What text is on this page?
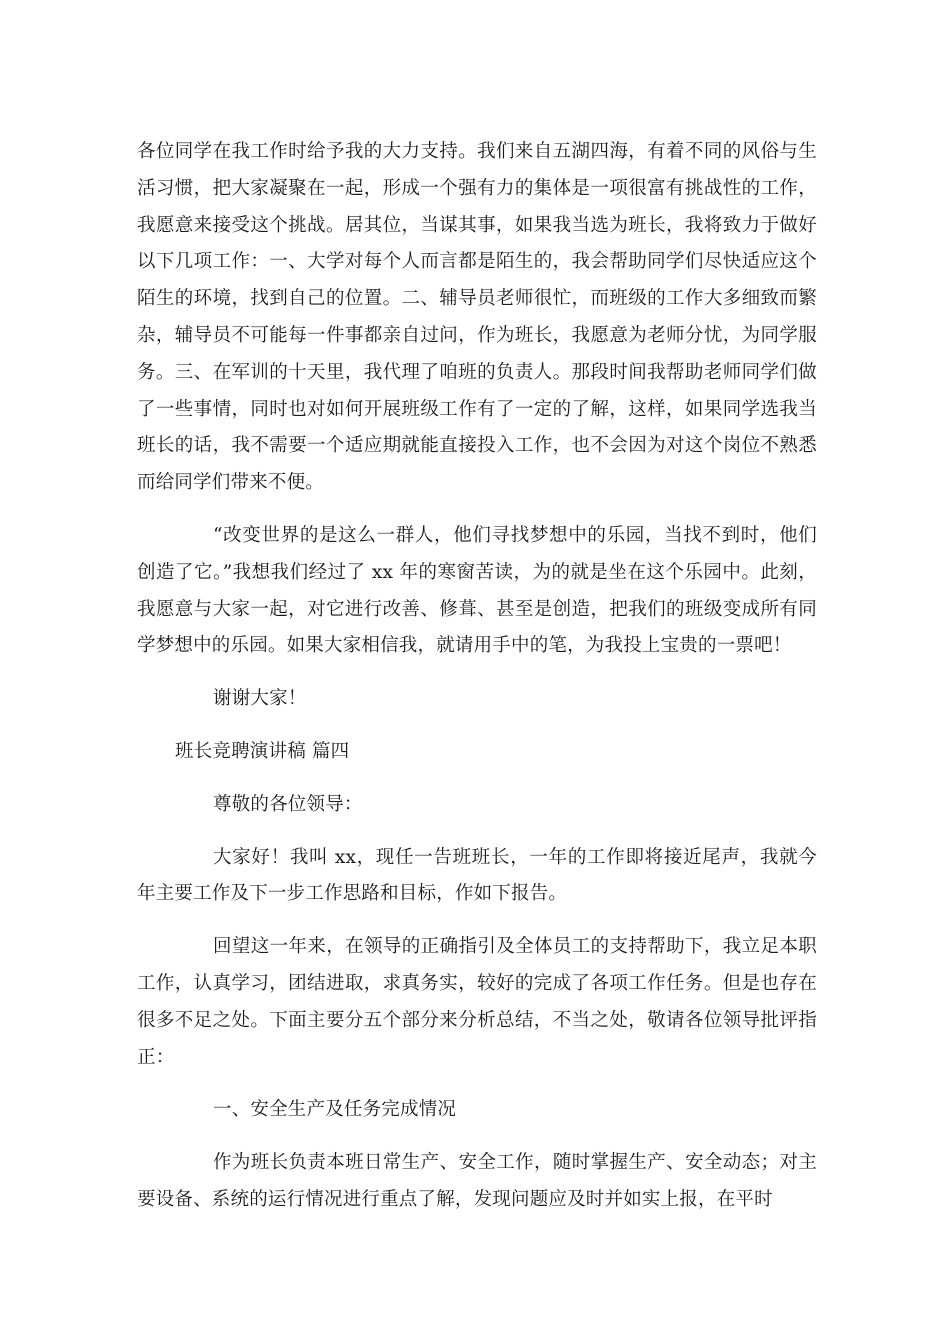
各位同学在我工作时给予我的大力支持。我们来自五湖四海，有着不同的风俗与生活习惯，把大家凝聚在一起，形成一个强有力的集体是一项很富有挑战性的工作，我愿意来接受这个挑战。居其位，当谋其事，如果我当选为班长，我将致力于做好以下几项工作：一、大学对每个人而言都是陌生的，我会帮助同学们尽快适应这个陌生的环境，找到自己的位置。二、辅导员老师很忙，而班级的工作大多细致而繁杂，辅导员不可能每一件事都亲自过问，作为班长，我愿意为老师分忧，为同学服务。三、在军训的十天里，我代理了咱班的负责人。那段时间我帮助老师同学们做了一些事情，同时也对如何开展班级工作有了一定的了解，这样，如果同学选我当班长的话，我不需要一个适应期就能直接投入工作，也不会因为对这个岗位不熟悉而给同学们带来不便。

“改变世界的是这么一群人，他们寻找梦想中的乐园，当找不到时，他们创造了它。”我想我们经过了 xx 年的寒窗苦读，为的就是坐在这个乐园中。此刻，我愿意与大家一起，对它进行改善、修葺、甚至是创造，把我们的班级变成所有同学梦想中的乐园。如果大家相信我，就请用手中的笔，为我投上宝贵的一票吧！

谢谢大家！

班长竞聘演讲稿 篇四

尊敬的各位领导：

大家好！我叫 xx，现任一告班班长，一年的工作即将接近尾声，我就今年主要工作及下一步工作思路和目标，作如下报告。

回望这一年来，在领导的正确指引及全体员工的支持帮助下，我立足本职工作，认真学习，团结进取，求真务实，较好的完成了各项工作任务。但是也存在很多不足之处。下面主要分五个部分来分析总结，不当之处，敬请各位领导批评指正：

一、安全生产及任务完成情况

作为班长负责本班日常生产、安全工作，随时掌握生产、安全动态；对主要设备、系统的运行情况进行重点了解，发现问题应及时并如实上报，在平时
